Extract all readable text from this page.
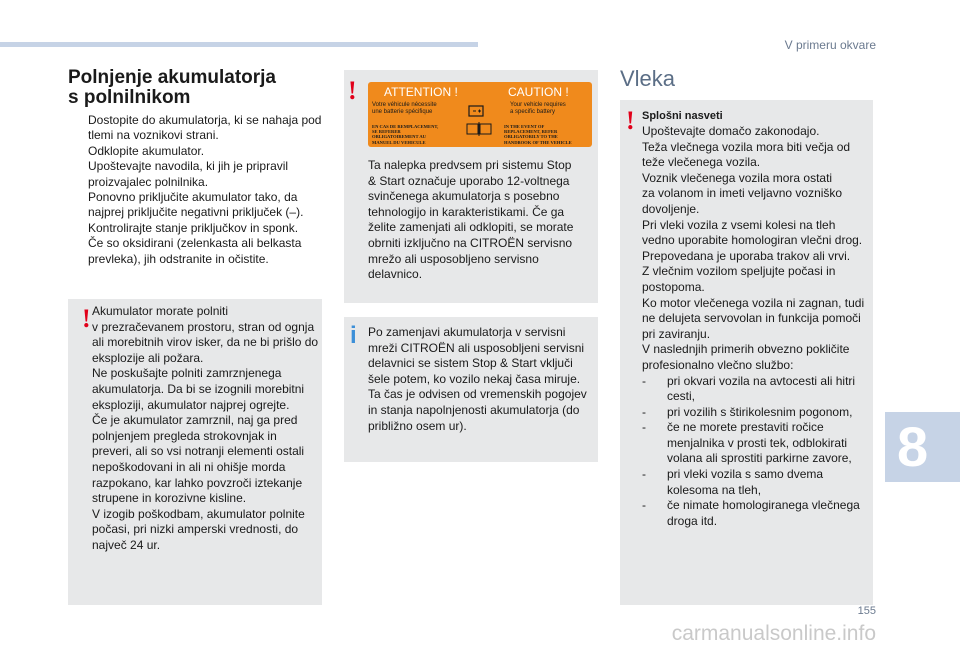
V primeru okvare
Polnjenje akumulatorja
s polnilnikom
Dostopite do akumulatorja, ki se nahaja pod
tlemi na voznikovi strani.
Odklopite akumulator.
Upoštevajte navodila, ki jih je pripravil
proizvajalec polnilnika.
Ponovno priključite akumulator tako, da
najprej priključite negativni priključek (–).
Kontrolirajte stanje priključkov in sponk.
Če so oksidirani (zelenkasta ali belkasta
prevleka), jih odstranite in očistite.
! Akumulator morate polniti
v prezračevanem prostoru, stran od ognja
ali morebitnih virov isker, da ne bi prišlo do
eksplozije ali požara.
Ne poskušajte polniti zamrznjenega
akumulatorja. Da bi se izognili morebitni
eksploziji, akumulator najprej ogrejte.
Če je akumulator zamrznil, naj ga pred
polnjenjem pregleda strokovnjak in
preveri, ali so vsi notranji elementi ostali
nepoškodovani in ali ni ohišje morda
razpokano, kar lahko povzroči iztekanje
strupene in korozivne kisline.
V izogib poškodbam, akumulator polnite
počasi, pri nizki amperski vrednosti, do
največ 24 ur.
! ATTENTION !
Votre véhicule nécessite
une batterie spécifique
EN CAS DE REMPLACEMENT,
SE REFERER
OBLIGATOIREMENT AU
MANUEL DU VEHICULE
CAUTION !
Your vehicle requires
a specific battery
IN THE EVENT OF
REPLACEMENT, REFER
OBLIGATORILY TO THE
HANDBOOK OF THE VEHICLE
Ta nalepka predvsem pri sistemu Stop
& Start označuje uporabo 12-voltnega
svinčenega akumulatorja s posebno
tehnologijo in karakteristikami. Če ga
želite zamenjati ali odklopiti, se morate
obrniti izključno na CITROËN servisno
mrežo ali usposobljeno servisno
delavnico.
i Po zamenjavi akumulatorja v servisni
mreži CITROËN ali usposobljeni servisni
delavnici se sistem Stop & Start vključi
šele potem, ko vozilo nekaj časa miruje.
Ta čas je odvisen od vremenskih pogojev
in stanja napolnjenosti akumulatorja (do
približno osem ur).
Vleka
! Splošni nasveti
Upoštevajte domačo zakonodajo.
Teža vlečnega vozila mora biti večja od
teže vlečenega vozila.
Voznik vlečenega vozila mora ostati
za volanom in imeti veljavno vozniško
dovoljenje.
Pri vleki vozila z vsemi kolesi na tleh
vedno uporabite homologiran vlečni drog.
Prepovedana je uporaba trakov ali vrvi.
Z vlečnim vozilom speljujte počasi in
postopoma.
Ko motor vlečenega vozila ni zagnan, tudi
ne delujeta servovolan in funkcija pomoči
pri zaviranju.
V naslednjih primerih obvezno pokličite
profesionalno vlečno službo:
-	pri okvari vozila na avtocesti ali hitri
cesti,
-	pri vozilih s štirikolesnim pogonom,
-	če ne morete prestaviti ročice
menjalnika v prosti tek, odblokirati
volana ali sprostiti parkirne zavore,
-	pri vleki vozila s samo dvema
kolesoma na tleh,
-	če nimate homologiranega vlečnega
droga itd.
8
155
carmanualsonline.info
